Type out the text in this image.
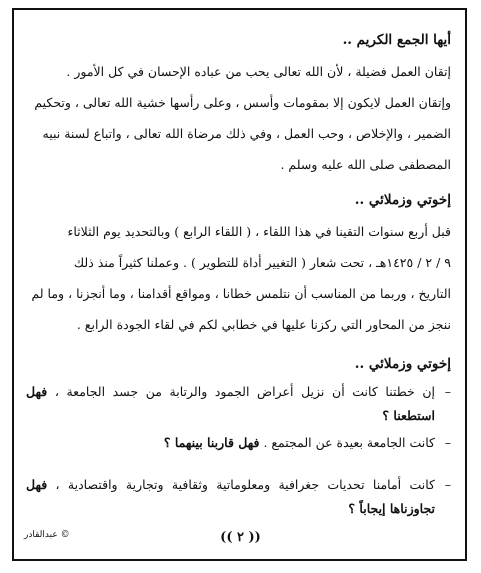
أيها الجمع الكريم ..

إتقان العمل فضيلة ، لأن الله تعالى يحب من عباده الإحسان في كل الأمور .
وإتقان العمل لايكون إلا بمقومات وأسس ، وعلى رأسها خشية الله تعالى ، وتحكيم
الضمير ، والإخلاص ، وحب العمل ، وفي ذلك مرضاة الله تعالى ، واتباع لسنة نبيه
المصطفى صلى الله عليه وسلم .

إخوتي وزملائي ..

قبل أربع سنوات التقينا في هذا اللقاء ، ( اللقاء الرابع ) وبالتحديد يوم الثلاثاء
٩ / ٢ / ١٤٢٥هـ ، تحت شعار ( التغيير أداة للتطوير ) . وعملنا كثيراً منذ ذلك
التاريخ ، وربما من المناسب أن نتلمس خطانا ، ومواقع أقدامنا ، وما أنجزنا ، وما لم
ننجز من المحاور التي ركزنا عليها في خطابي لكم في لقاء الجودة الرابع .

إخوتي وزملائي ..

– إن خطتنا كانت أن نزيل أعراض الجمود والرتابة من جسد الجامعة ، فهل استطعنا ؟
– كانت الجامعة بعيدة عن المجتمع . فهل قاربنا بينهما ؟
– كانت أمامنا تحديات جغرافية ومعلوماتية وثقافية وتجارية واقتصادية ، فهل تجاوزناها إيجاباً ؟
(( ٢ ))
© عبدالقادر
